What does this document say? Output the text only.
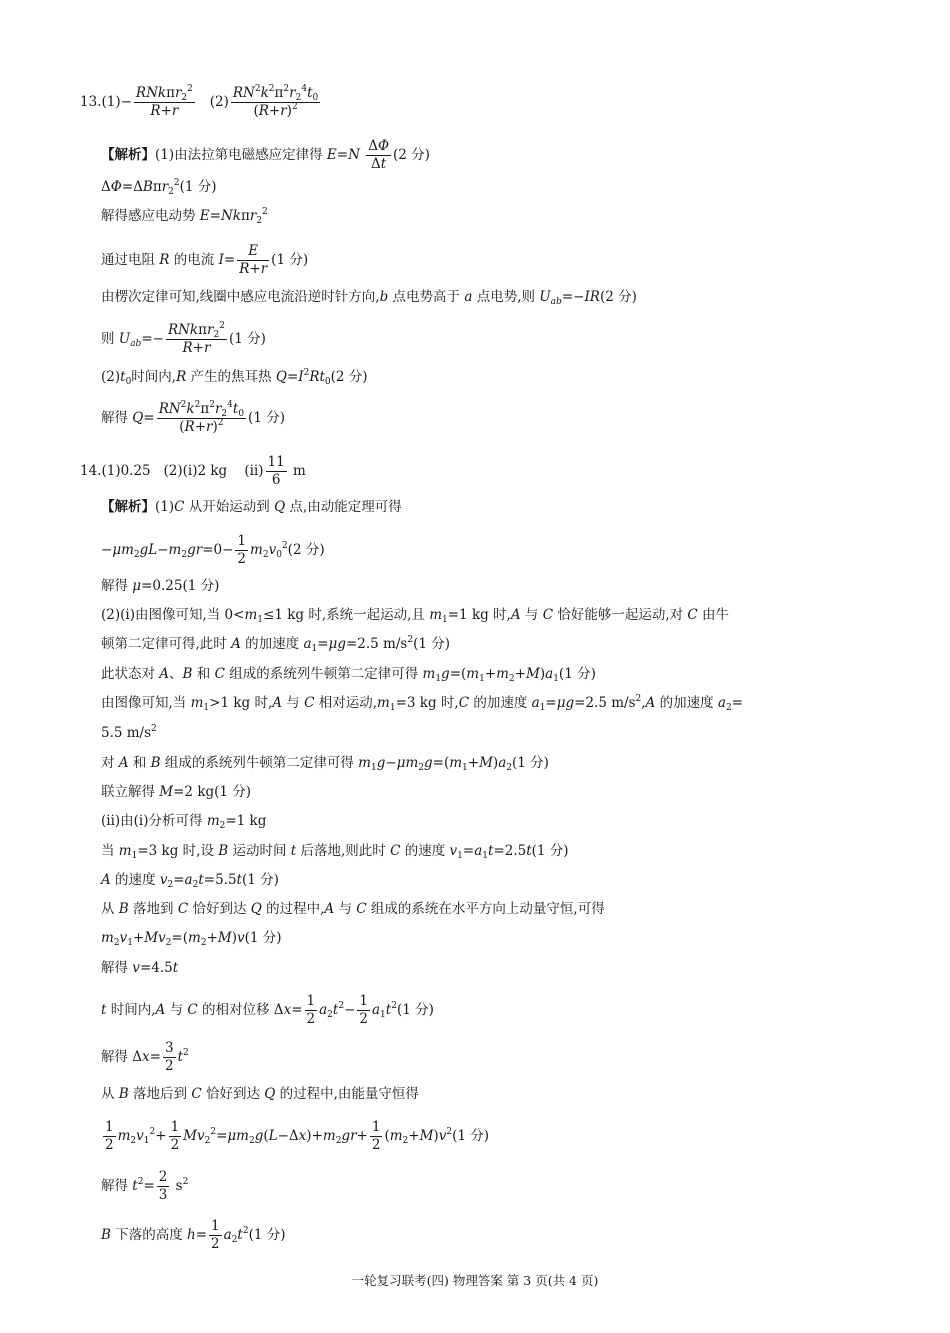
13.(1)−
RNkπr$_2^2$
R+r
$(2) \frac{RN^2k^2\pi^2r_2^4t_0}{(R+r)^2}$
【解析】(1)由法拉第电磁感应定律得 $E=N \frac{\Delta\Phi}{\Delta t} (2$ 分)
ΔΦ=ΔBπr$_2^2$(1 分)
解得感应电动势 E=Nkπr$_2^2$
通过电阻 R 的电流 $I= \frac{E}{R+r} (1$ 分)
由楞次定律可知,线圈中感应电流沿逆时针方向,b 点电势高于 a 点电势,则 $U_{ab}=-IR(2$ 分)
则 $U_{ab}=-$
RNkπr$_2^2$
R+r
(1 分)
$(2)t_0$时间内,R 产生的焦耳热 $Q=I^2Rt_0(2$ 分)
解得 $Q= \frac{RN^2k^2\pi^2r_2^4t_0}{(R+r)^2} (1$ 分)
14.(1)0.25   (2)(ⅰ)2 kg    (ⅱ) $\frac{11}{6}$ m
【解析】(1)C 从开始运动到 Q 点,由动能定理可得
$-\mu m_2gL-m_2gr=0- \frac{1}{2} m_2v_0^2(2$ 分)
解得 μ=0.25(1 分)
(2)(ⅰ)由图像可知,当 $0<m_1\le 1$ kg 时,系统一起运动,且 $m_1=1$ kg 时,A 与 C 恰好能够一起运动,对 C 由牛
顿第二定律可得,此时 A 的加速度 $a_1=\mu g=2.5$ $m/s^2(1$ 分)
此状态对 A、B 和 C 组成的系统列牛顿第二定律可得 $m_1g=(m_1+m_2+M)a_1(1$ 分)
由图像可知,当 $m_1>1$ kg 时,A 与 C 相对运动$,m_1=3$ kg 时,C 的加速度 $a_1=\mu g=2.5$ $m/s^2,A$ 的加速度 $a_2=$
5.5 $m/s^2$
对 A 和 B 组成的系统列牛顿第二定律可得 $m_1g-\mu m_2g=(m_1+M)a_2(1$ 分)
联立解得 M=2 kg(1 分)
(ⅱ)由(ⅰ)分析可得 $m_2=1$ kg
当 $m_1=3$ kg 时,设 B 运动时间 t 后落地,则此时 C 的速度 $v_1=a_1t=2.5t(1$ 分)
A 的速度 $v_2=a_2t=5.5t(1$ 分)
从 B 落地到 C 恰好到达 Q 的过程中,A 与 C 组成的系统在水平方向上动量守恒,可得
$m_2v_1+Mv_2=(m_2+M)v(1$ 分)
解得 v=4.5t
t 时间内,A 与 C 的相对位移 $\Delta x= \frac{1}{2} a_2t^2- \frac{1}{2} a_1t^2(1$ 分)
解得 $\Delta x= \frac{3}{2} t^2$
从 B 落地后到 C 恰好到达 Q 的过程中,由能量守恒得
$\frac{1}{2} m_2v_1^2+ \frac{1}{2} Mv_2^2=\mu m_2g(L-\Delta x)+m_2gr+ \frac{1}{2} (m_2+M)v^2(1$ 分)
解得 $t^2= \frac{2}{3} s^2$
B 下落的高度 $h= \frac{1}{2} a_2t^2(1$ 分)
一轮复习联考(四) 物理答案 第 3 页(共 4 页)
